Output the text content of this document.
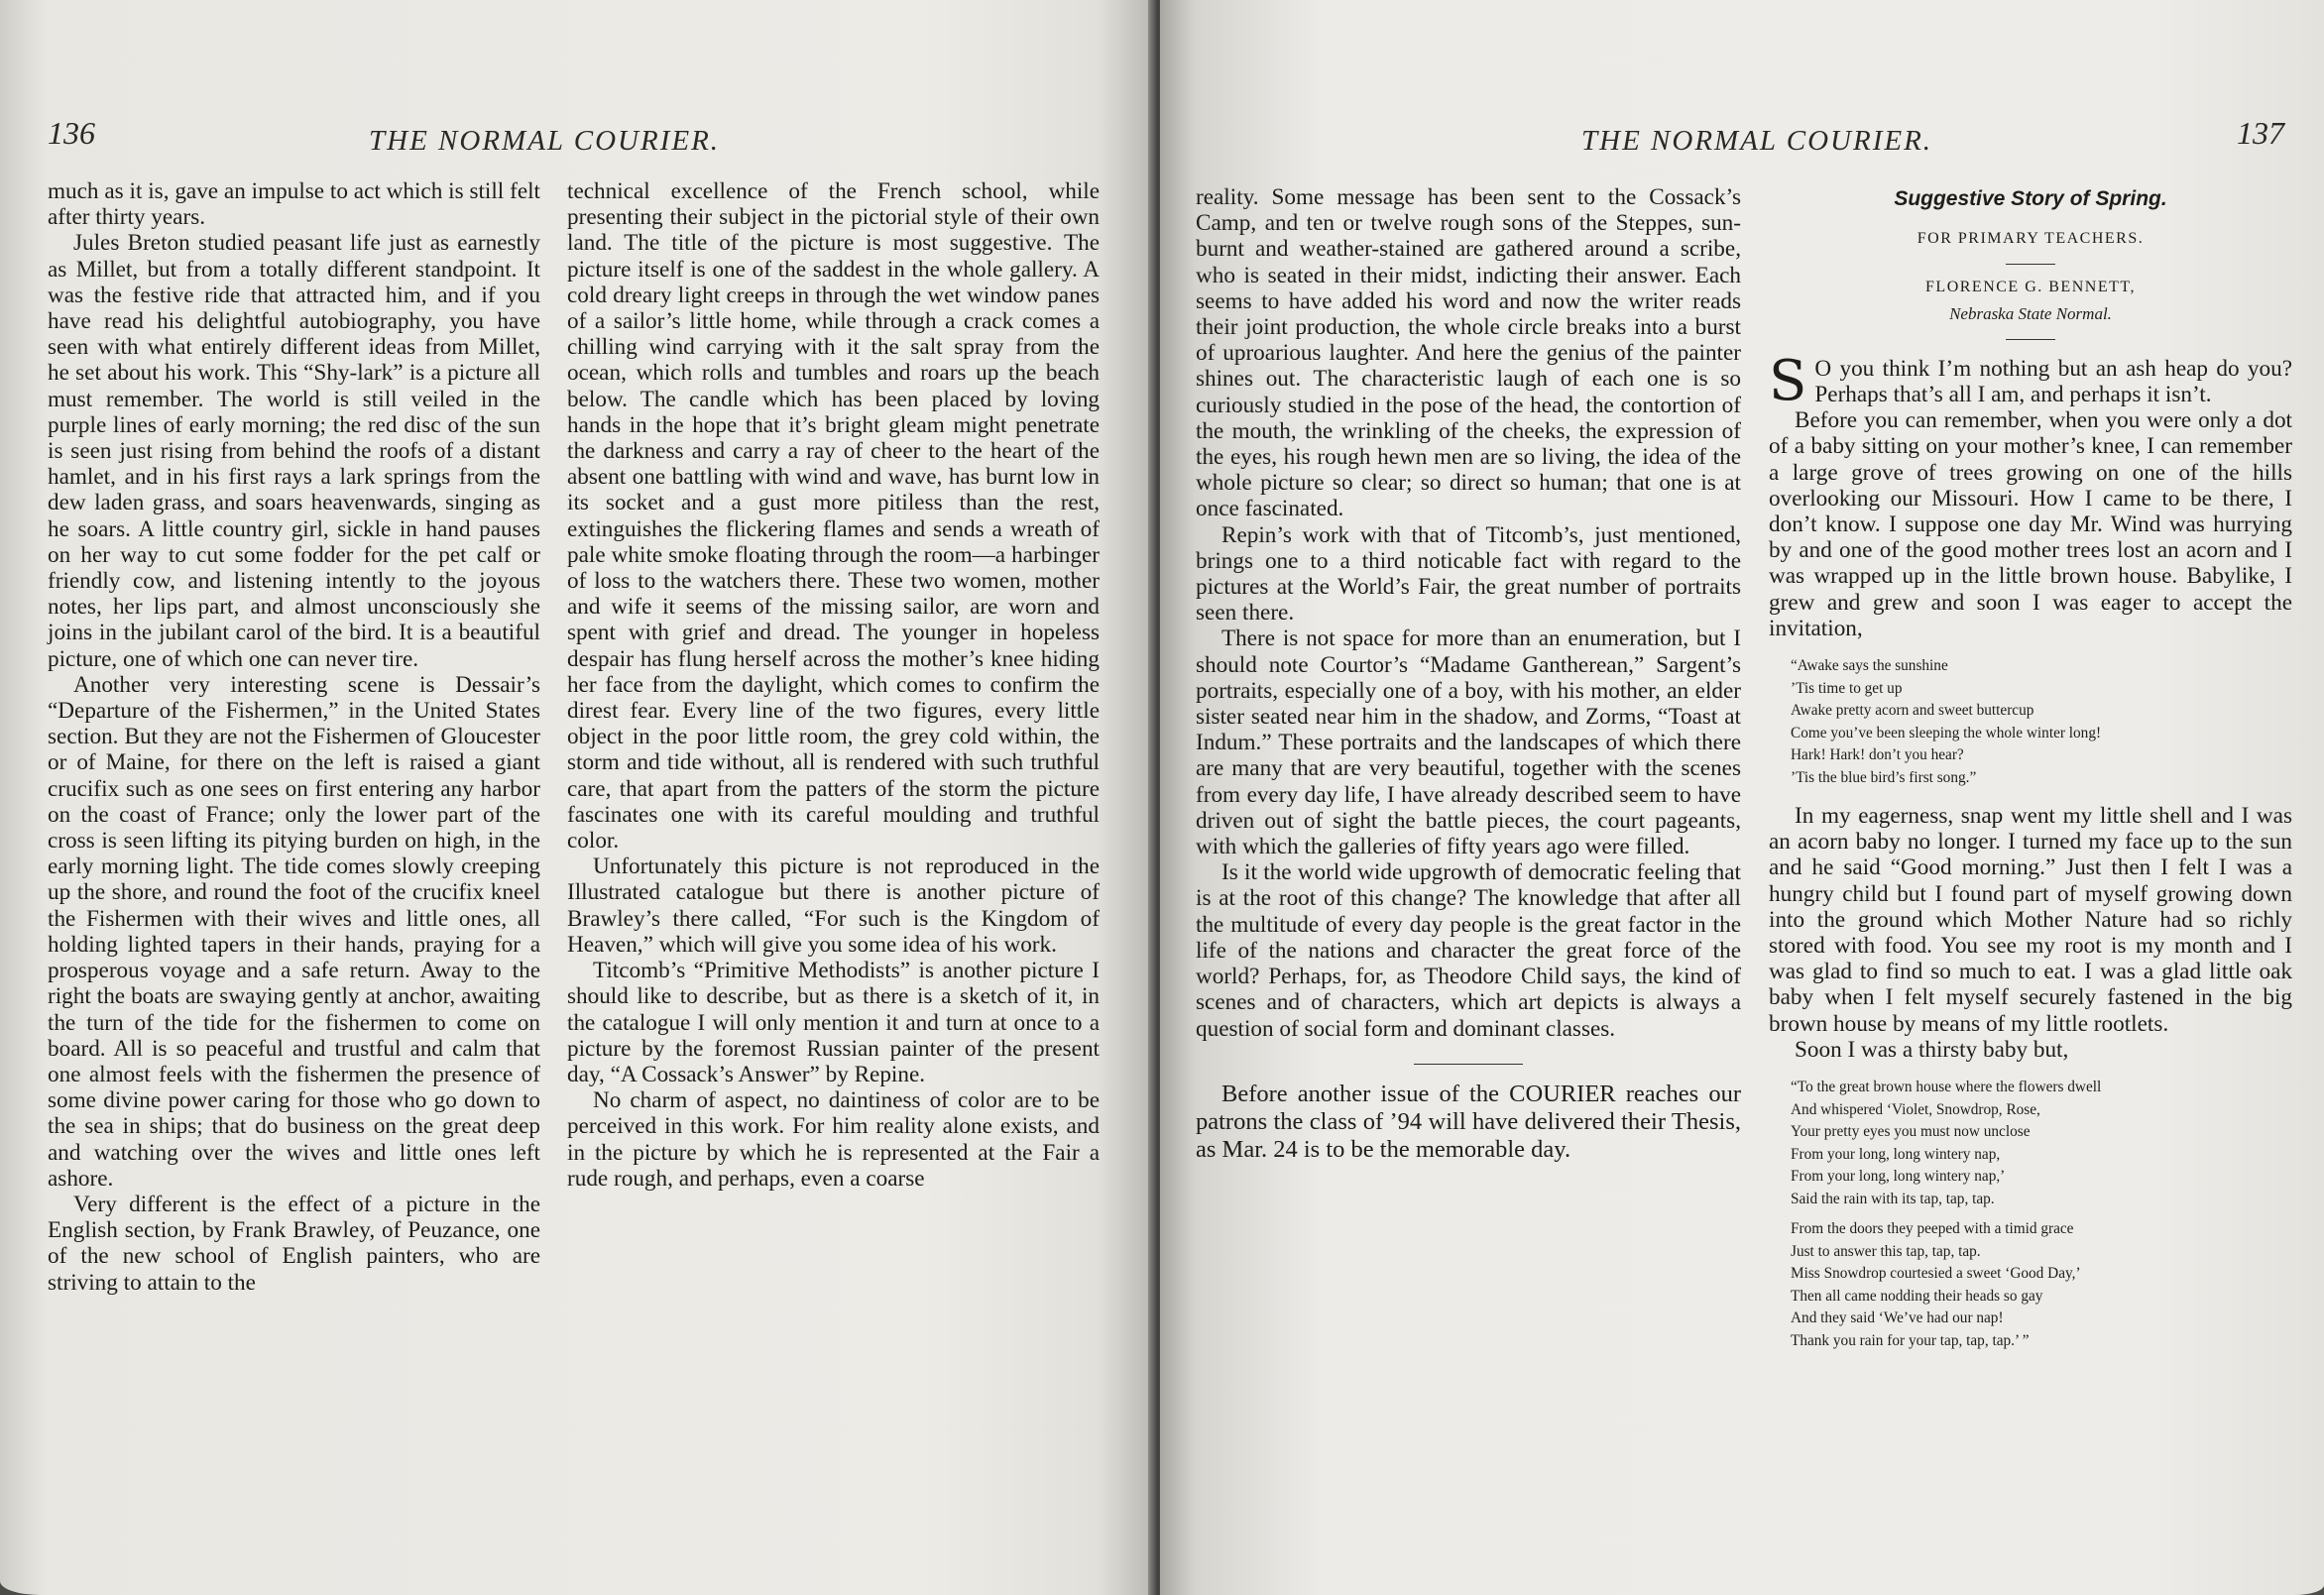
136	THE NORMAL COURIER.

much as it is, gave an impulse to act which is still felt after thirty years.

Jules Breton studied peasant life just as earnestly as Millet, but from a totally different standpoint. It was the festive ride that attracted him, and if you have read his delightful autobiography, you have seen with what entirely different ideas from Millet, he set about his work. This “Shy-lark” is a picture all must remember. The world is still veiled in the purple lines of early morning; the red disc of the sun is seen just rising from behind the roofs of a distant hamlet, and in his first rays a lark springs from the dew laden grass, and soars heavenwards, singing as he soars. A little country girl, sickle in hand pauses on her way to cut some fodder for the pet calf or friendly cow, and listening intently to the joyous notes, her lips part, and almost unconsciously she joins in the jubilant carol of the bird. It is a beautiful picture, one of which one can never tire.

Another very interesting scene is Dessair’s “Departure of the Fishermen,” in the United States section. But they are not the Fishermen of Gloucester or of Maine, for there on the left is raised a giant crucifix such as one sees on first entering any harbor on the coast of France; only the lower part of the cross is seen lifting its pitying burden on high, in the early morning light. The tide comes slowly creeping up the shore, and round the foot of the crucifix kneel the Fishermen with their wives and little ones, all holding lighted tapers in their hands, praying for a prosperous voyage and a safe return. Away to the right the boats are swaying gently at anchor, awaiting the turn of the tide for the fishermen to come on board. All is so peaceful and trustful and calm that one almost feels with the fishermen the presence of some divine power caring for those who go down to the sea in ships; that do business on the great deep and watching over the wives and little ones left ashore.

Very different is the effect of a picture in the English section, by Frank Brawley, of Peuzance, one of the new school of English painters, who are striving to attain to the

technical excellence of the French school, while presenting their subject in the pictorial style of their own land. The title of the picture is most suggestive. The picture itself is one of the saddest in the whole gallery. A cold dreary light creeps in through the wet window panes of a sailor’s little home, while through a crack comes a chilling wind carrying with it the salt spray from the ocean, which rolls and tumbles and roars up the beach below. The candle which has been placed by loving hands in the hope that it’s bright gleam might penetrate the darkness and carry a ray of cheer to the heart of the absent one battling with wind and wave, has burnt low in its socket and a gust more pitiless than the rest, extinguishes the flickering flames and sends a wreath of pale white smoke floating through the room—a harbinger of loss to the watchers there. These two women, mother and wife it seems of the missing sailor, are worn and spent with grief and dread. The younger in hopeless despair has flung herself across the mother’s knee hiding her face from the daylight, which comes to confirm the direst fear. Every line of the two figures, every little object in the poor little room, the grey cold within, the storm and tide without, all is rendered with such truthful care, that apart from the patters of the storm the picture fascinates one with its careful moulding and truthful color.

Unfortunately this picture is not reproduced in the Illustrated catalogue but there is another picture of Brawley’s there called, “For such is the Kingdom of Heaven,” which will give you some idea of his work.

Titcomb’s “Primitive Methodists” is another picture I should like to describe, but as there is a sketch of it, in the catalogue I will only mention it and turn at once to a picture by the foremost Russian painter of the present day, “A Cossack’s Answer” by Repine.

No charm of aspect, no daintiness of color are to be perceived in this work. For him reality alone exists, and in the picture by which he is represented at the Fair a rude rough, and perhaps, even a coarse

THE NORMAL COURIER.	137

reality. Some message has been sent to the Cossack’s Camp, and ten or twelve rough sons of the Steppes, sun-burnt and weather-stained are gathered around a scribe, who is seated in their midst, indicting their answer. Each seems to have added his word and now the writer reads their joint production, the whole circle breaks into a burst of uproarious laughter. And here the genius of the painter shines out. The characteristic laugh of each one is so curiously studied in the pose of the head, the contortion of the mouth, the wrinkling of the cheeks, the expression of the eyes, his rough hewn men are so living, the idea of the whole picture so clear; so direct so human; that one is at once fascinated.

Repin’s work with that of Titcomb’s, just mentioned, brings one to a third noticable fact with regard to the pictures at the World’s Fair, the great number of portraits seen there.

There is not space for more than an enumeration, but I should note Courtor’s “Madame Gantherean,” Sargent’s portraits, especially one of a boy, with his mother, an elder sister seated near him in the shadow, and Zorms, “Toast at Indum.” These portraits and the landscapes of which there are many that are very beautiful, together with the scenes from every day life, I have already described seem to have driven out of sight the battle pieces, the court pageants, with which the galleries of fifty years ago were filled.

Is it the world wide upgrowth of democratic feeling that is at the root of this change? The knowledge that after all the multitude of every day people is the great factor in the life of the nations and character the great force of the world? Perhaps, for, as Theodore Child says, the kind of scenes and of characters, which art depicts is always a question of social form and dominant classes.

Before another issue of the COURIER reaches our patrons the class of ’94 will have delivered their Thesis, as Mar. 24 is to be the memorable day.

Suggestive Story of Spring.
FOR PRIMARY TEACHERS.
FLORENCE G. BENNETT,
Nebraska State Normal.

S O you think I’m nothing but an ash heap do you? Perhaps that’s all I am, and perhaps it isn’t.

Before you can remember, when you were only a dot of a baby sitting on your mother’s knee, I can remember a large grove of trees growing on one of the hills overlooking our Missouri. How I came to be there, I don’t know. I suppose one day Mr. Wind was hurrying by and one of the good mother trees lost an acorn and I was wrapped up in the little brown house. Babylike, I grew and grew and soon I was eager to accept the invitation,

“Awake says the sunshine
’Tis time to get up
Awake pretty acorn and sweet buttercup
Come you’ve been sleeping the whole winter long!
Hark! Hark! don’t you hear?
’Tis the blue bird’s first song.”

In my eagerness, snap went my little shell and I was an acorn baby no longer. I turned my face up to the sun and he said “Good morning.” Just then I felt I was a hungry child but I found part of myself growing down into the ground which Mother Nature had so richly stored with food. You see my root is my month and I was glad to find so much to eat. I was a glad little oak baby when I felt myself securely fastened in the big brown house by means of my little rootlets.

Soon I was a thirsty baby but,

“To the great brown house where the flowers dwell
And whispered ‘Violet, Snowdrop, Rose,
Your pretty eyes you must now unclose
From your long, long wintery nap,
From your long, long wintery nap,’
Said the rain with its tap, tap, tap.
From the doors they peeped with a timid grace
Just to answer this tap, tap, tap.
Miss Snowdrop courtesied a sweet ‘Good Day,’
Then all came nodding their heads so gay
And they said ‘We’ve had our nap!
Thank you rain for your tap, tap, tap.’ ”
